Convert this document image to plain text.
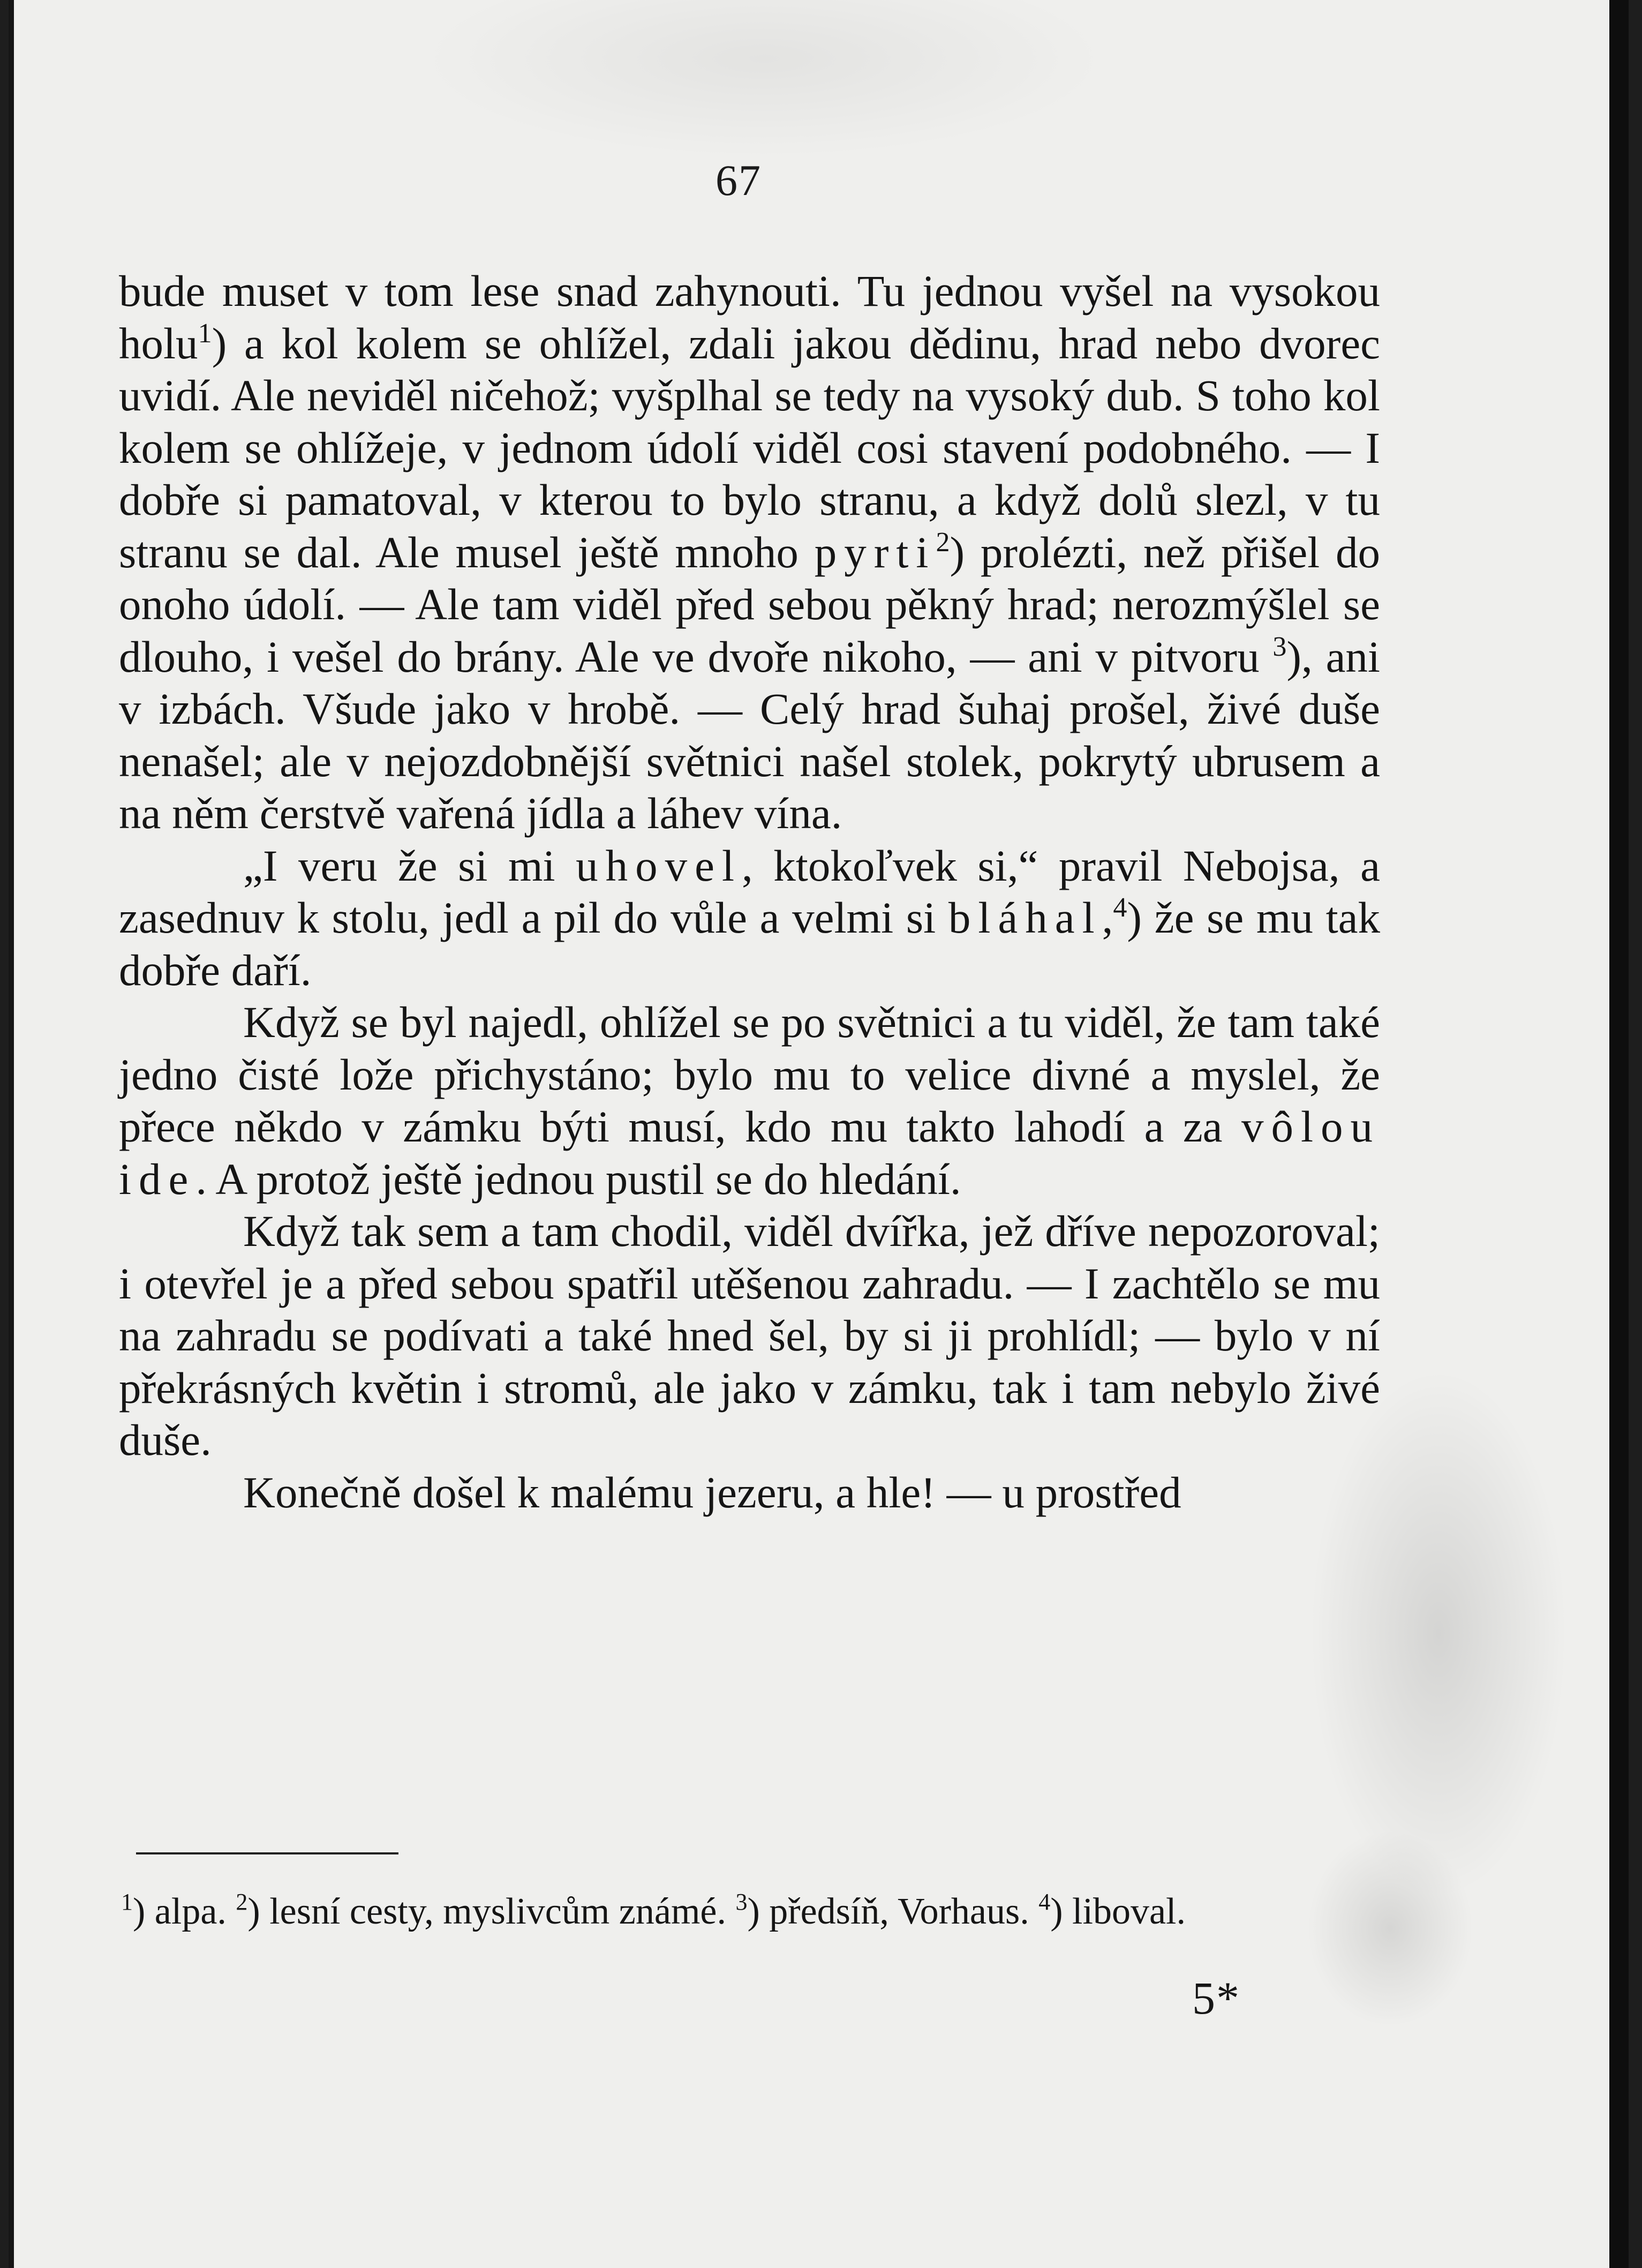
67

bude muset v tom lese snad zahynouti. Tu jednou vyšel na vysokou holu$^1$) a kol kolem se ohlížel, zdali jakou dědinu, hrad nebo dvorec uvidí. Ale neviděl ničehož; vyšplhal se tedy na vysoký dub. S toho kol kolem se ohlížeje, v jednom údolí viděl cosi stavení podobného. — I dobře si pamatoval, v kterou to bylo stranu, a když dolů slezl, v tu stranu se dal. Ale musel ještě mnoho pyrti$^2$) prolézti, než přišel do onoho údolí. — Ale tam viděl před sebou pěkný hrad; nerozmýšlel se dlouho, i vešel do brány. Ale ve dvoře nikoho, — ani v pitvoru $^3$), ani v izbách. Všude jako v hrobě. — Celý hrad šuhaj prošel, živé duše nenašel; ale v nejozdobnější světnici našel stolek, pokrytý ubrusem a na něm čerstvě vařená jídla a láhev vína.

„I veru že si mi uhovel, ktokoľvek si,“ pravil Nebojsa, a zasednuv k stolu, jedl a pil do vůle a velmi si bláhal,$^4$) že se mu tak dobře daří.

Když se byl najedl, ohlížel se po světnici a tu viděl, že tam také jedno čisté lože přichystáno; bylo mu to velice divné a myslel, že přece někdo v zámku býti musí, kdo mu takto lahodí a za vôlou ide. A protož ještě jednou pustil se do hledání.

Když tak sem a tam chodil, viděl dvířka, jež dříve nepozoroval; i otevřel je a před sebou spatřil utěšenou zahradu. — I zachtělo se mu na zahradu se podívati a také hned šel, by si ji prohlídl; — bylo v ní překrásných květin i stromů, ale jako v zámku, tak i tam nebylo živé duše.

Konečně došel k malému jezeru, a hle! — u prostřed

$^1$) alpa. $^2$) lesní cesty, myslivcům známé. $^3$) předsíň, Vorhaus. $^4$) liboval.
5*
